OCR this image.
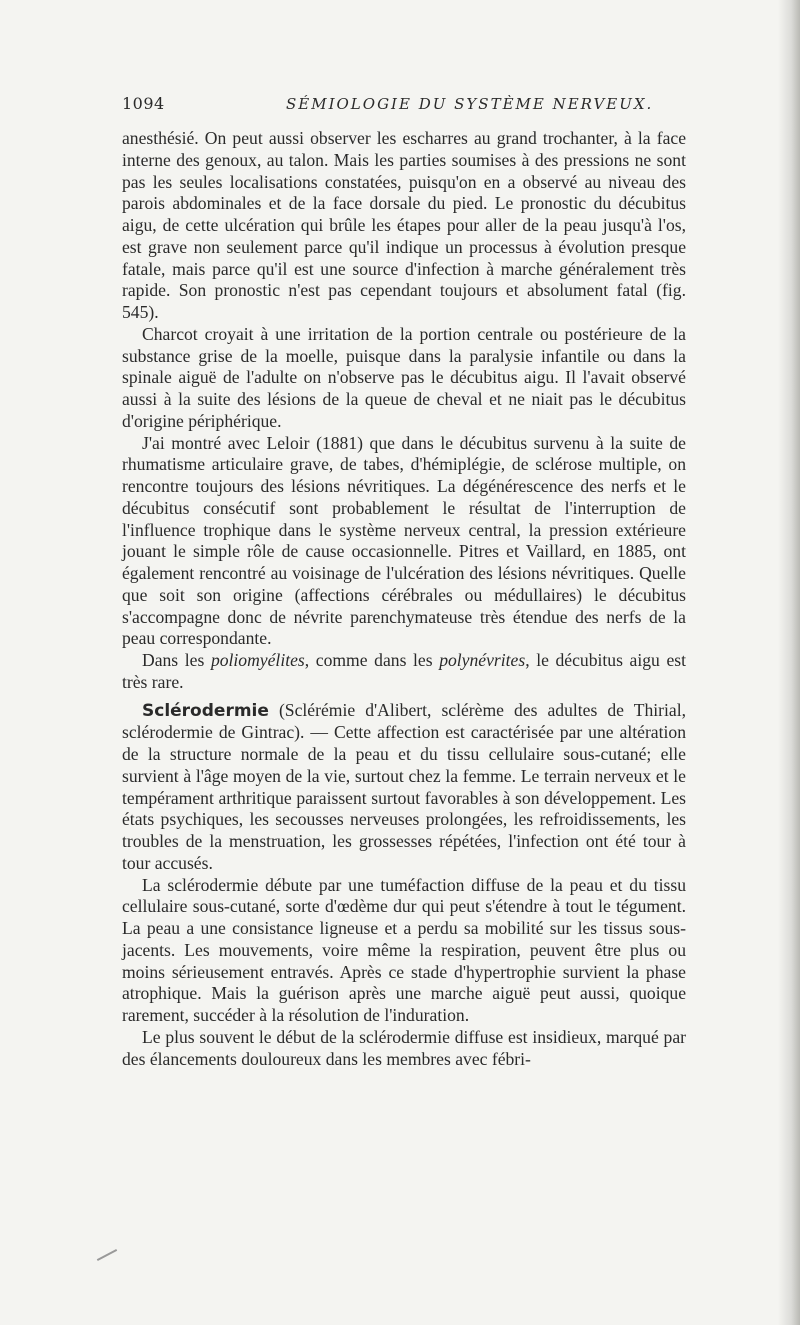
1094	SÉMIOLOGIE DU SYSTÈME NERVEUX.

anesthésié. On peut aussi observer les escharres au grand trochanter, à la face interne des genoux, au talon. Mais les parties soumises à des pressions ne sont pas les seules localisations constatées, puisqu'on en a observé au niveau des parois abdominales et de la face dorsale du pied. Le pronostic du décubitus aigu, de cette ulcération qui brûle les étapes pour aller de la peau jusqu'à l'os, est grave non seulement parce qu'il indique un processus à évolution presque fatale, mais parce qu'il est une source d'infection à marche généralement très rapide. Son pronostic n'est pas cependant toujours et absolument fatal (fig. 545).

Charcot croyait à une irritation de la portion centrale ou postérieure de la substance grise de la moelle, puisque dans la paralysie infantile ou dans la spinale aiguë de l'adulte on n'observe pas le décubitus aigu. Il l'avait observé aussi à la suite des lésions de la queue de cheval et ne niait pas le décubitus d'origine périphérique.

J'ai montré avec Leloir (1881) que dans le décubitus survenu à la suite de rhumatisme articulaire grave, de tabes, d'hémiplégie, de sclérose multiple, on rencontre toujours des lésions névritiques. La dégénérescence des nerfs et le décubitus consécutif sont probablement le résultat de l'interruption de l'influence trophique dans le système nerveux central, la pression extérieure jouant le simple rôle de cause occasionnelle. Pitres et Vaillard, en 1885, ont également rencontré au voisinage de l'ulcération des lésions névritiques. Quelle que soit son origine (affections cérébrales ou médullaires) le décubitus s'accompagne donc de névrite parenchymateuse très étendue des nerfs de la peau correspondante.

Dans les poliomyélites, comme dans les polynévrites, le décubitus aigu est très rare.

Sclérodermie (Sclérémie d'Alibert, sclérème des adultes de Thirial, sclérodermie de Gintrac). — Cette affection est caractérisée par une altération de la structure normale de la peau et du tissu cellulaire sous-cutané; elle survient à l'âge moyen de la vie, surtout chez la femme. Le terrain nerveux et le tempérament arthritique paraissent surtout favorables à son développement. Les états psychiques, les secousses nerveuses prolongées, les refroidissements, les troubles de la menstruation, les grossesses répétées, l'infection ont été tour à tour accusés.

La sclérodermie débute par une tuméfaction diffuse de la peau et du tissu cellulaire sous-cutané, sorte d'œdème dur qui peut s'étendre à tout le tégument. La peau a une consistance ligneuse et a perdu sa mobilité sur les tissus sous-jacents. Les mouvements, voire même la respiration, peuvent être plus ou moins sérieusement entravés. Après ce stade d'hypertrophie survient la phase atrophique. Mais la guérison après une marche aiguë peut aussi, quoique rarement, succéder à la résolution de l'induration.

Le plus souvent le début de la sclérodermie diffuse est insidieux, marqué par des élancements douloureux dans les membres avec fébri-
